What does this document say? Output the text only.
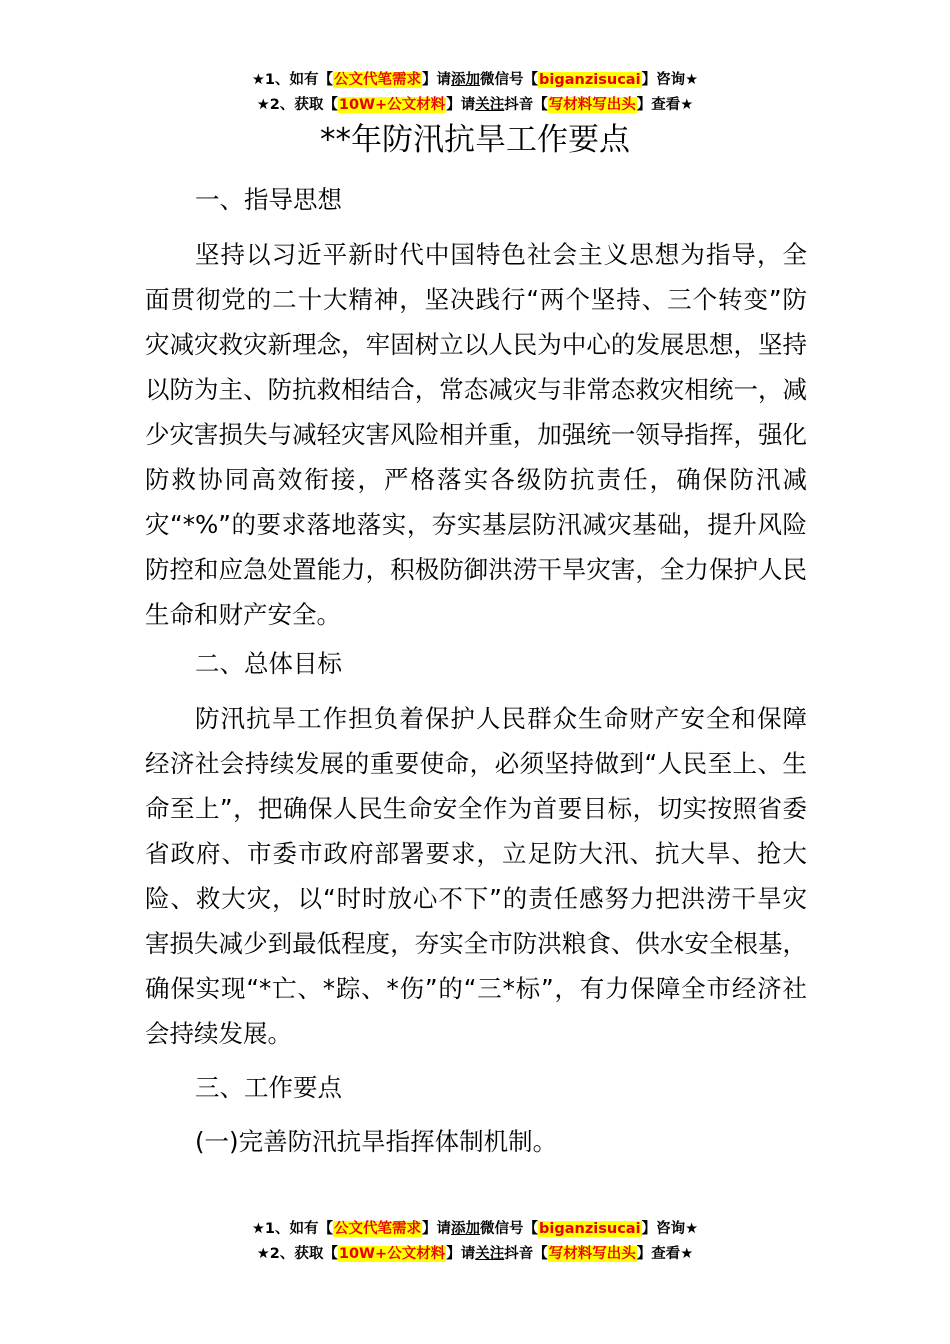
★1、如有【公文代笔需求】请添加微信号【biganzisucai】咨询★
★2、获取【10W+公文材料】请关注抖音【写材料写出头】查看★
**年防汛抗旱工作要点

一、指导思想

坚持以习近平新时代中国特色社会主义思想为指导，全面贯彻党的二十大精神，坚决践行“两个坚持、三个转变”防灾减灾救灾新理念，牢固树立以人民为中心的发展思想，坚持以防为主、防抗救相结合，常态减灾与非常态救灾相统一，减少灾害损失与减轻灾害风险相并重，加强统一领导指挥，强化防救协同高效衔接，严格落实各级防抗责任，确保防汛减灾“*%”的要求落地落实，夯实基层防汛减灾基础，提升风险防控和应急处置能力，积极防御洪涝干旱灾害，全力保护人民生命和财产安全。

二、总体目标

防汛抗旱工作担负着保护人民群众生命财产安全和保障经济社会持续发展的重要使命，必须坚持做到“人民至上、生命至上”，把确保人民生命安全作为首要目标，切实按照省委省政府、市委市政府部署要求，立足防大汛、抗大旱、抢大险、救大灾，以“时时放心不下”的责任感努力把洪涝干旱灾害损失减少到最低程度，夯实全市防洪粮食、供水安全根基，确保实现“*亡、*踪、*伤”的“三*标”，有力保障全市经济社会持续发展。

三、工作要点

(一)完善防汛抗旱指挥体制机制。

★1、如有【公文代笔需求】请添加微信号【biganzisucai】咨询★
★2、获取【10W+公文材料】请关注抖音【写材料写出头】查看★
